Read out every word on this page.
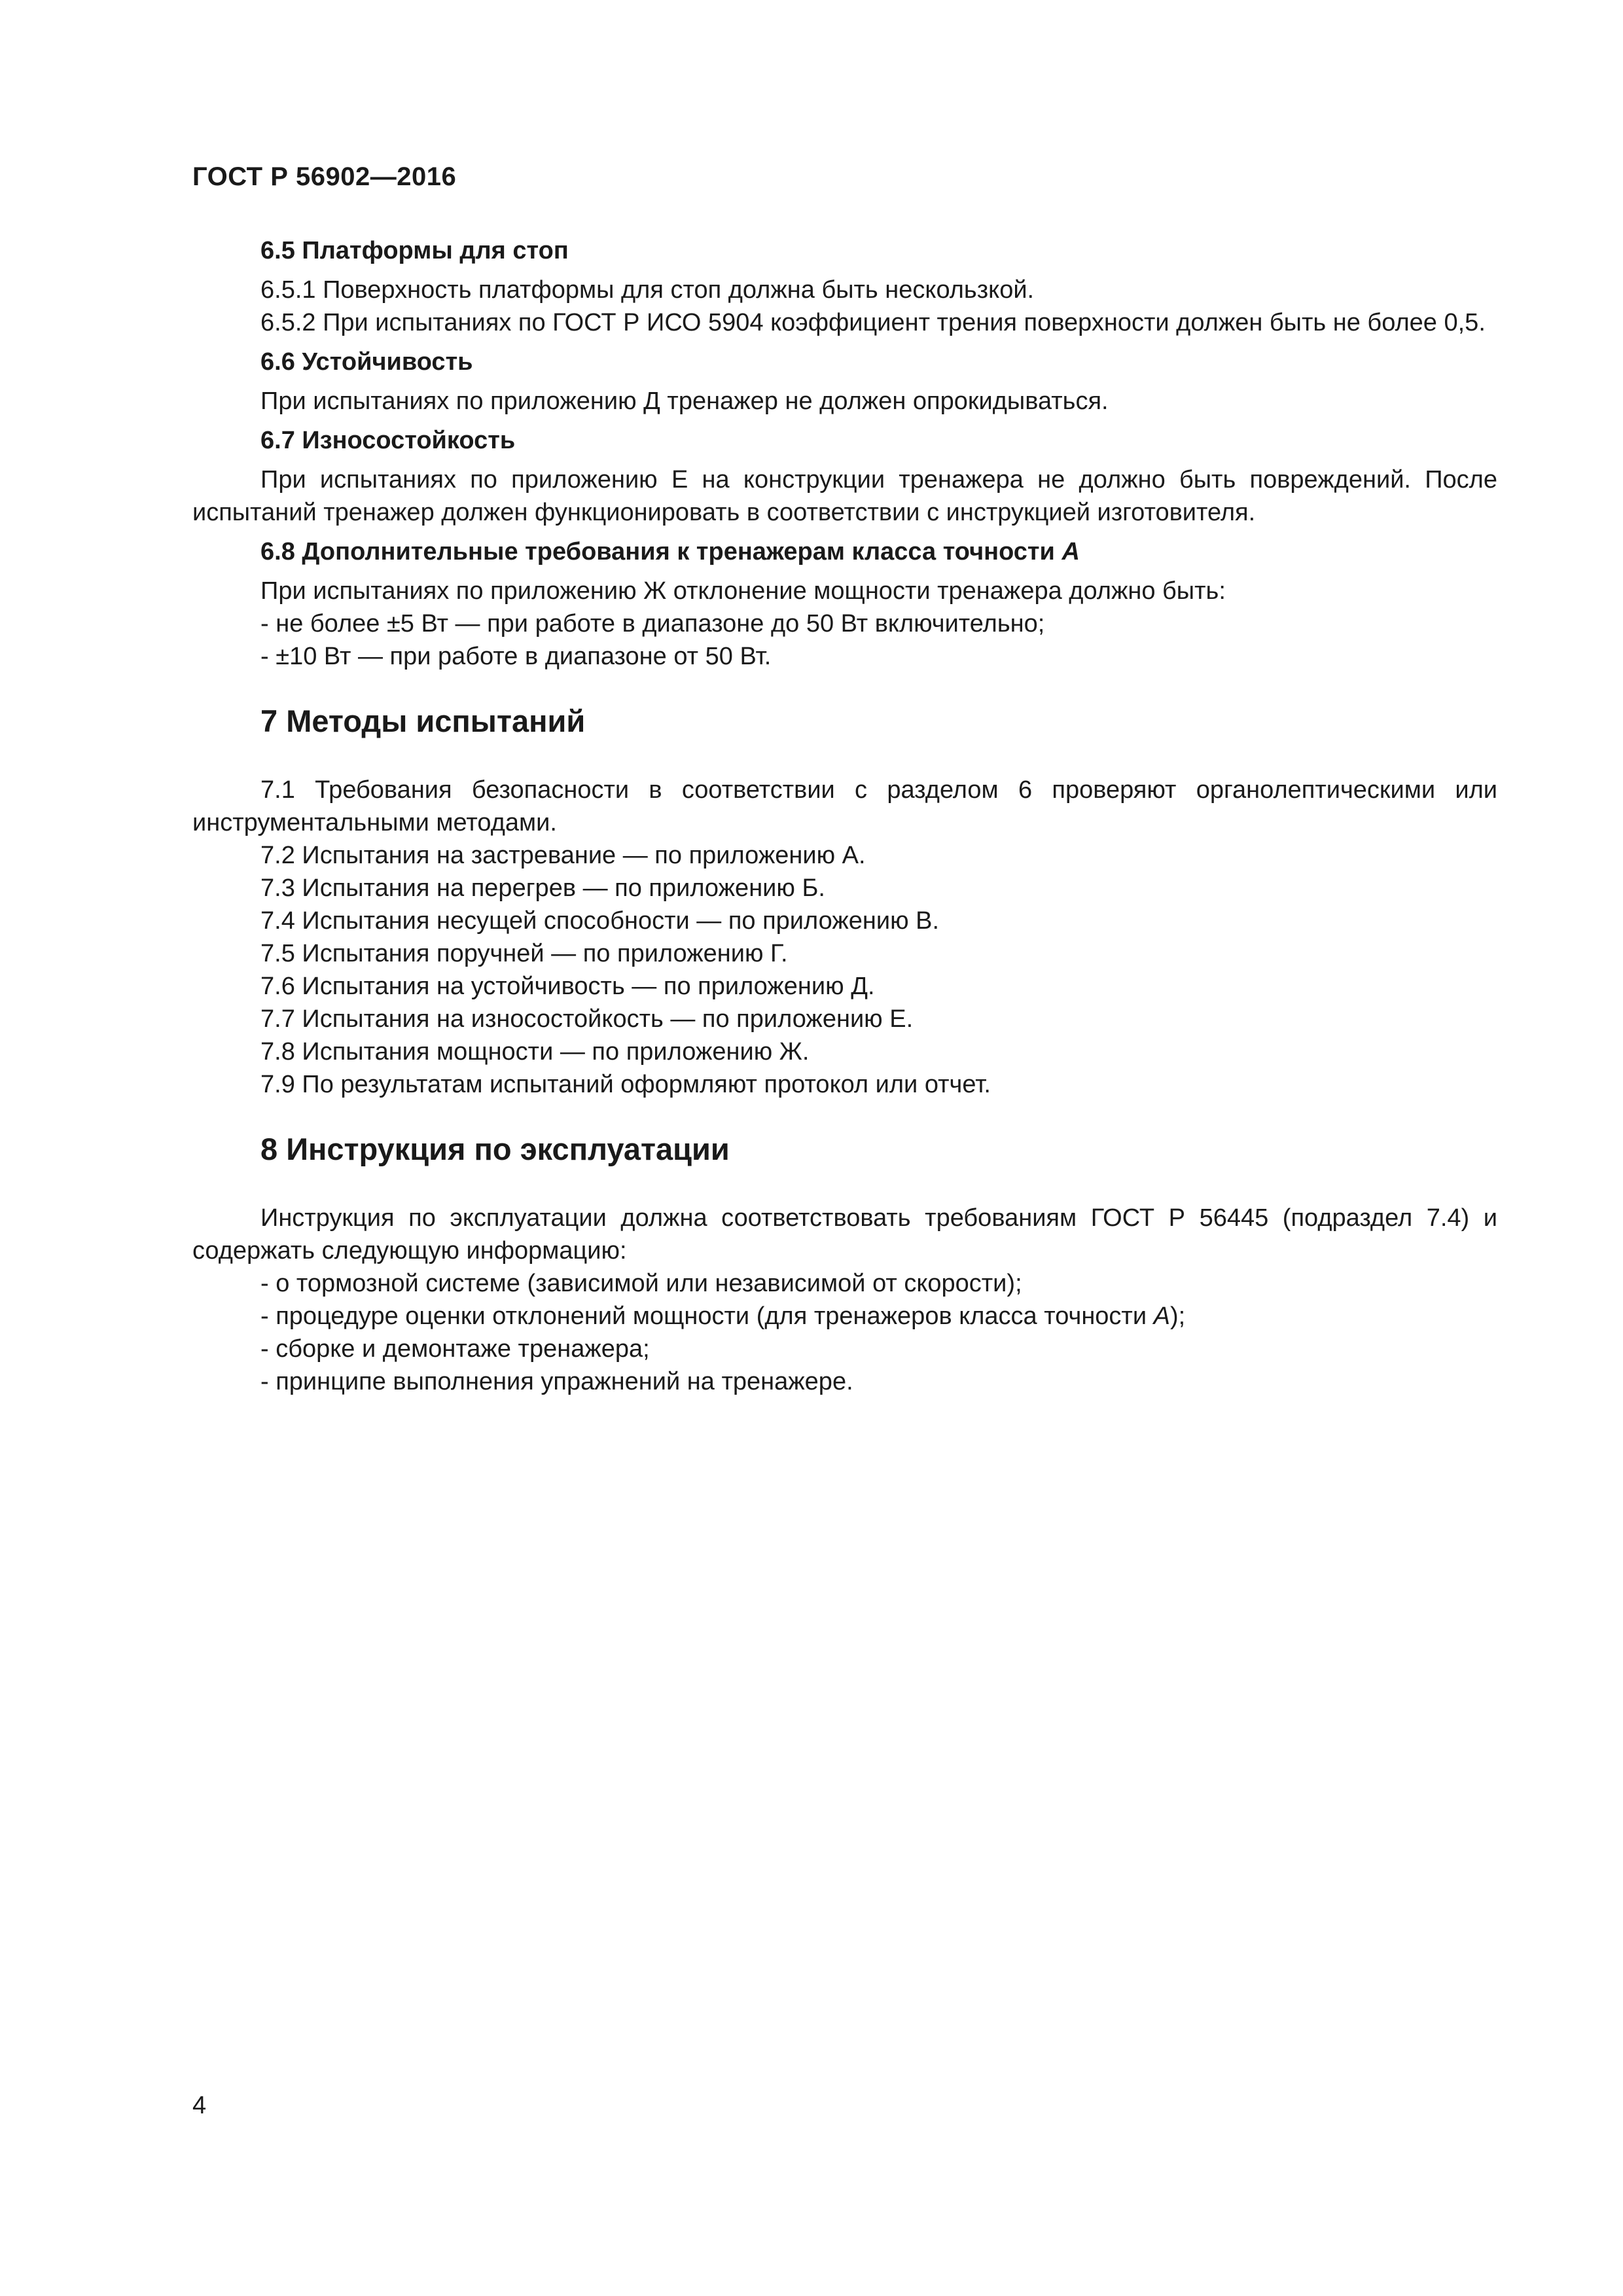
ГОСТ Р 56902—2016

6.5 Платформы для стоп

6.5.1 Поверхность платформы для стоп должна быть нескользкой.

6.5.2 При испытаниях по ГОСТ Р ИСО 5904 коэффициент трения поверхности должен быть не более 0,5.

6.6 Устойчивость

При испытаниях по приложению Д тренажер не должен опрокидываться.

6.7 Износостойкость

При испытаниях по приложению Е на конструкции тренажера не должно быть повреждений. После испытаний тренажер должен функционировать в соответствии с инструкцией изготовителя.

6.8 Дополнительные требования к тренажерам класса точности А

При испытаниях по приложению Ж отклонение мощности тренажера должно быть:

- не более ±5 Вт — при работе в диапазоне до 50 Вт включительно;

- ±10 Вт — при работе в диапазоне от 50 Вт.

7 Методы испытаний

7.1 Требования безопасности в соответствии с разделом 6 проверяют органолептическими или инструментальными методами.

7.2 Испытания на застревание — по приложению А.

7.3 Испытания на перегрев — по приложению Б.

7.4 Испытания несущей способности — по приложению В.

7.5 Испытания поручней — по приложению Г.

7.6 Испытания на устойчивость — по приложению Д.

7.7 Испытания на износостойкость — по приложению Е.

7.8 Испытания мощности — по приложению Ж.

7.9 По результатам испытаний оформляют протокол или отчет.

8 Инструкция по эксплуатации

Инструкция по эксплуатации должна соответствовать требованиям ГОСТ Р 56445 (подраздел 7.4) и содержать следующую информацию:

- о тормозной системе (зависимой или независимой от скорости);

- процедуре оценки отклонений мощности (для тренажеров класса точности А);

- сборке и демонтаже тренажера;

- принципе выполнения упражнений на тренажере.

4
